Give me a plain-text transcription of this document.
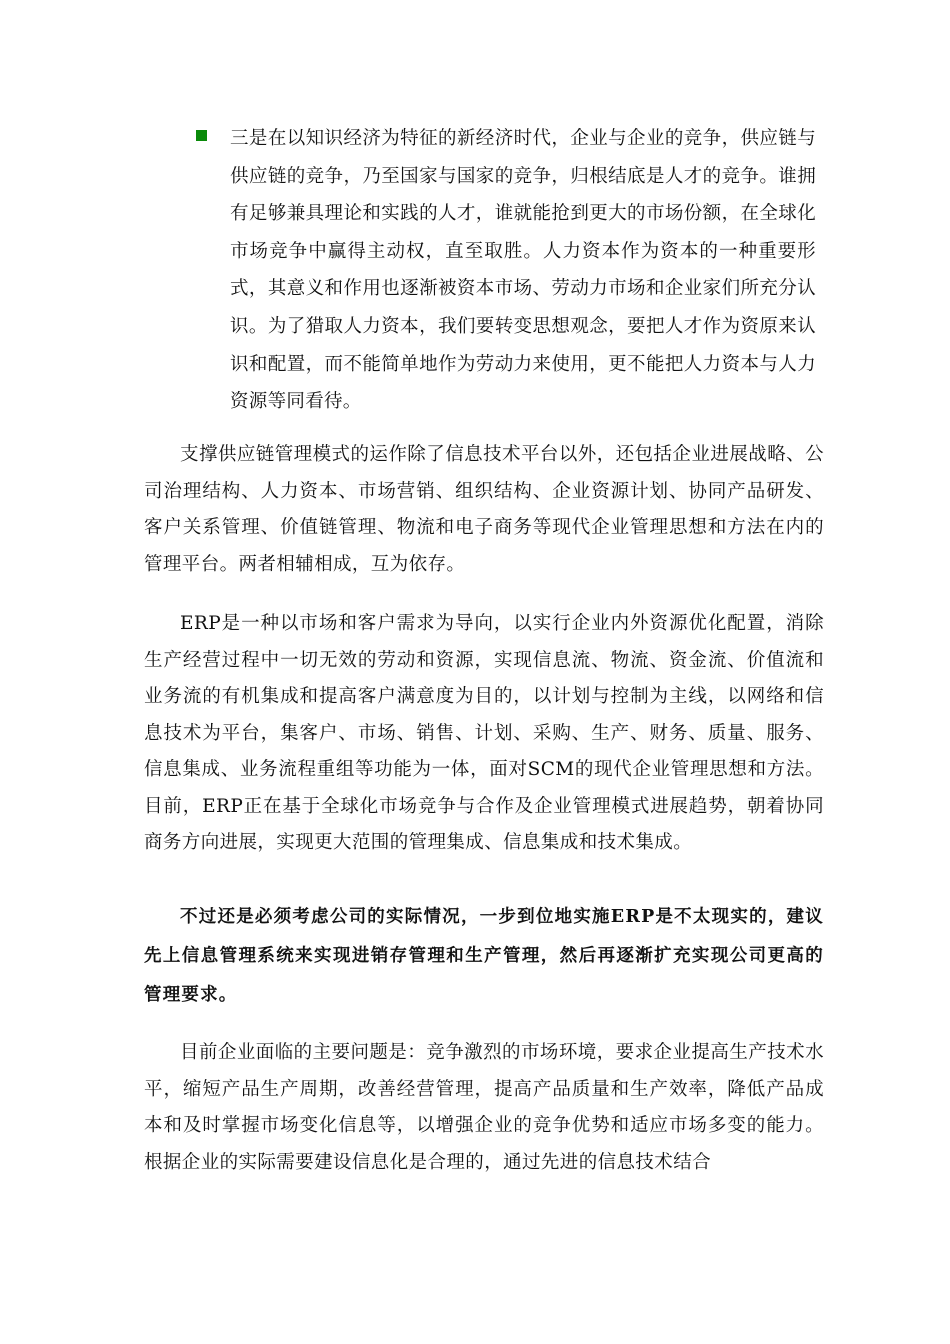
三是在以知识经济为特征的新经济时代，企业与企业的竞争，供应链与供应链的竞争，乃至国家与国家的竞争，归根结底是人才的竞争。谁拥有足够兼具理论和实践的人才，谁就能抢到更大的市场份额，在全球化市场竞争中赢得主动权，直至取胜。人力资本作为资本的一种重要形式，其意义和作用也逐渐被资本市场、劳动力市场和企业家们所充分认识。为了猎取人力资本，我们要转变思想观念，要把人才作为资原来认识和配置，而不能简单地作为劳动力来使用，更不能把人力资本与人力资源等同看待。

支撑供应链管理模式的运作除了信息技术平台以外，还包括企业进展战略、公司治理结构、人力资本、市场营销、组织结构、企业资源计划、协同产品研发、客户关系管理、价值链管理、物流和电子商务等现代企业管理思想和方法在内的管理平台。两者相辅相成，互为依存。

ERP是一种以市场和客户需求为导向，以实行企业内外资源优化配置，消除生产经营过程中一切无效的劳动和资源，实现信息流、物流、资金流、价值流和业务流的有机集成和提高客户满意度为目的，以计划与控制为主线，以网络和信息技术为平台，集客户、市场、销售、计划、采购、生产、财务、质量、服务、信息集成、业务流程重组等功能为一体，面对SCM的现代企业管理思想和方法。目前，ERP正在基于全球化市场竞争与合作及企业管理模式进展趋势，朝着协同商务方向进展，实现更大范围的管理集成、信息集成和技术集成。

不过还是必须考虑公司的实际情况，一步到位地实施ERP是不太现实的，建议先上信息管理系统来实现进销存管理和生产管理，然后再逐渐扩充实现公司更高的管理要求。

目前企业面临的主要问题是：竞争激烈的市场环境，要求企业提高生产技术水平，缩短产品生产周期，改善经营管理，提高产品质量和生产效率，降低产品成本和及时掌握市场变化信息等，以增强企业的竞争优势和适应市场多变的能力。根据企业的实际需要建设信息化是合理的，通过先进的信息技术结合
